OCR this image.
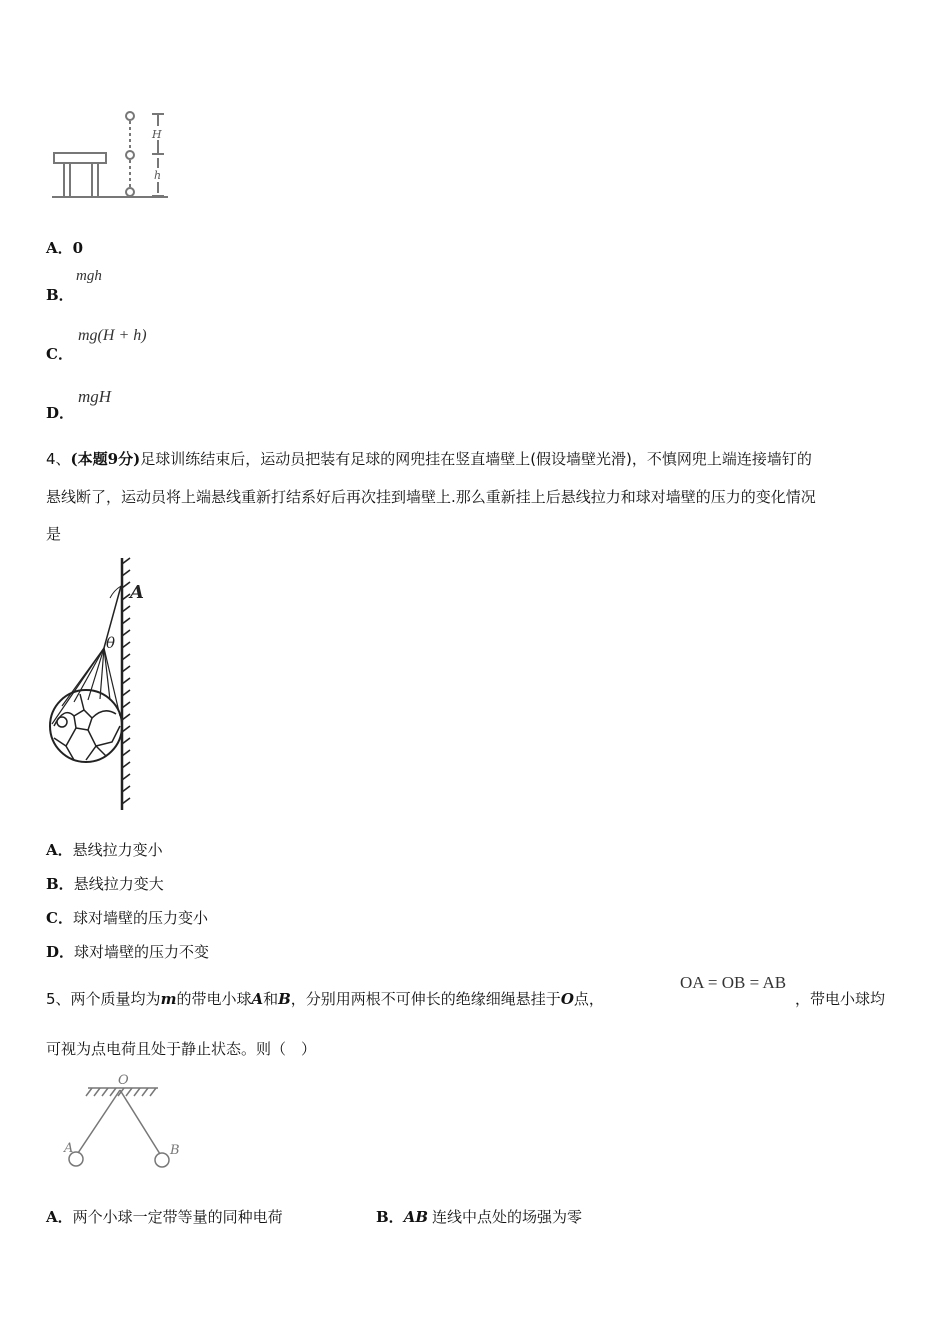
H
h
A．0
B．
mgh
C．
mg(H + h)
D．
mgH
4、(本题9分)足球训练结束后，运动员把装有足球的网兜挂在竖直墙壁上(假设墙壁光滑)，不慎网兜上端连接墙钉的
悬线断了，运动员将上端悬线重新打结系好后再次挂到墙壁上.那么重新挂上后悬线拉力和球对墙壁的压力的变化情况
是
A
θ
A．悬线拉力变小
B．悬线拉力变大
C．球对墙壁的压力变小
D．球对墙壁的压力不变
5、两个质量均为m的带电小球A和B，分别用两根不可伸长的绝缘细绳悬挂于O点，
OA = OB = AB
，带电小球均
可视为点电荷且处于静止状态。则（　）
O
A	B
A．两个小球一定带等量的同种电荷	B．AB 连线中点处的场强为零
